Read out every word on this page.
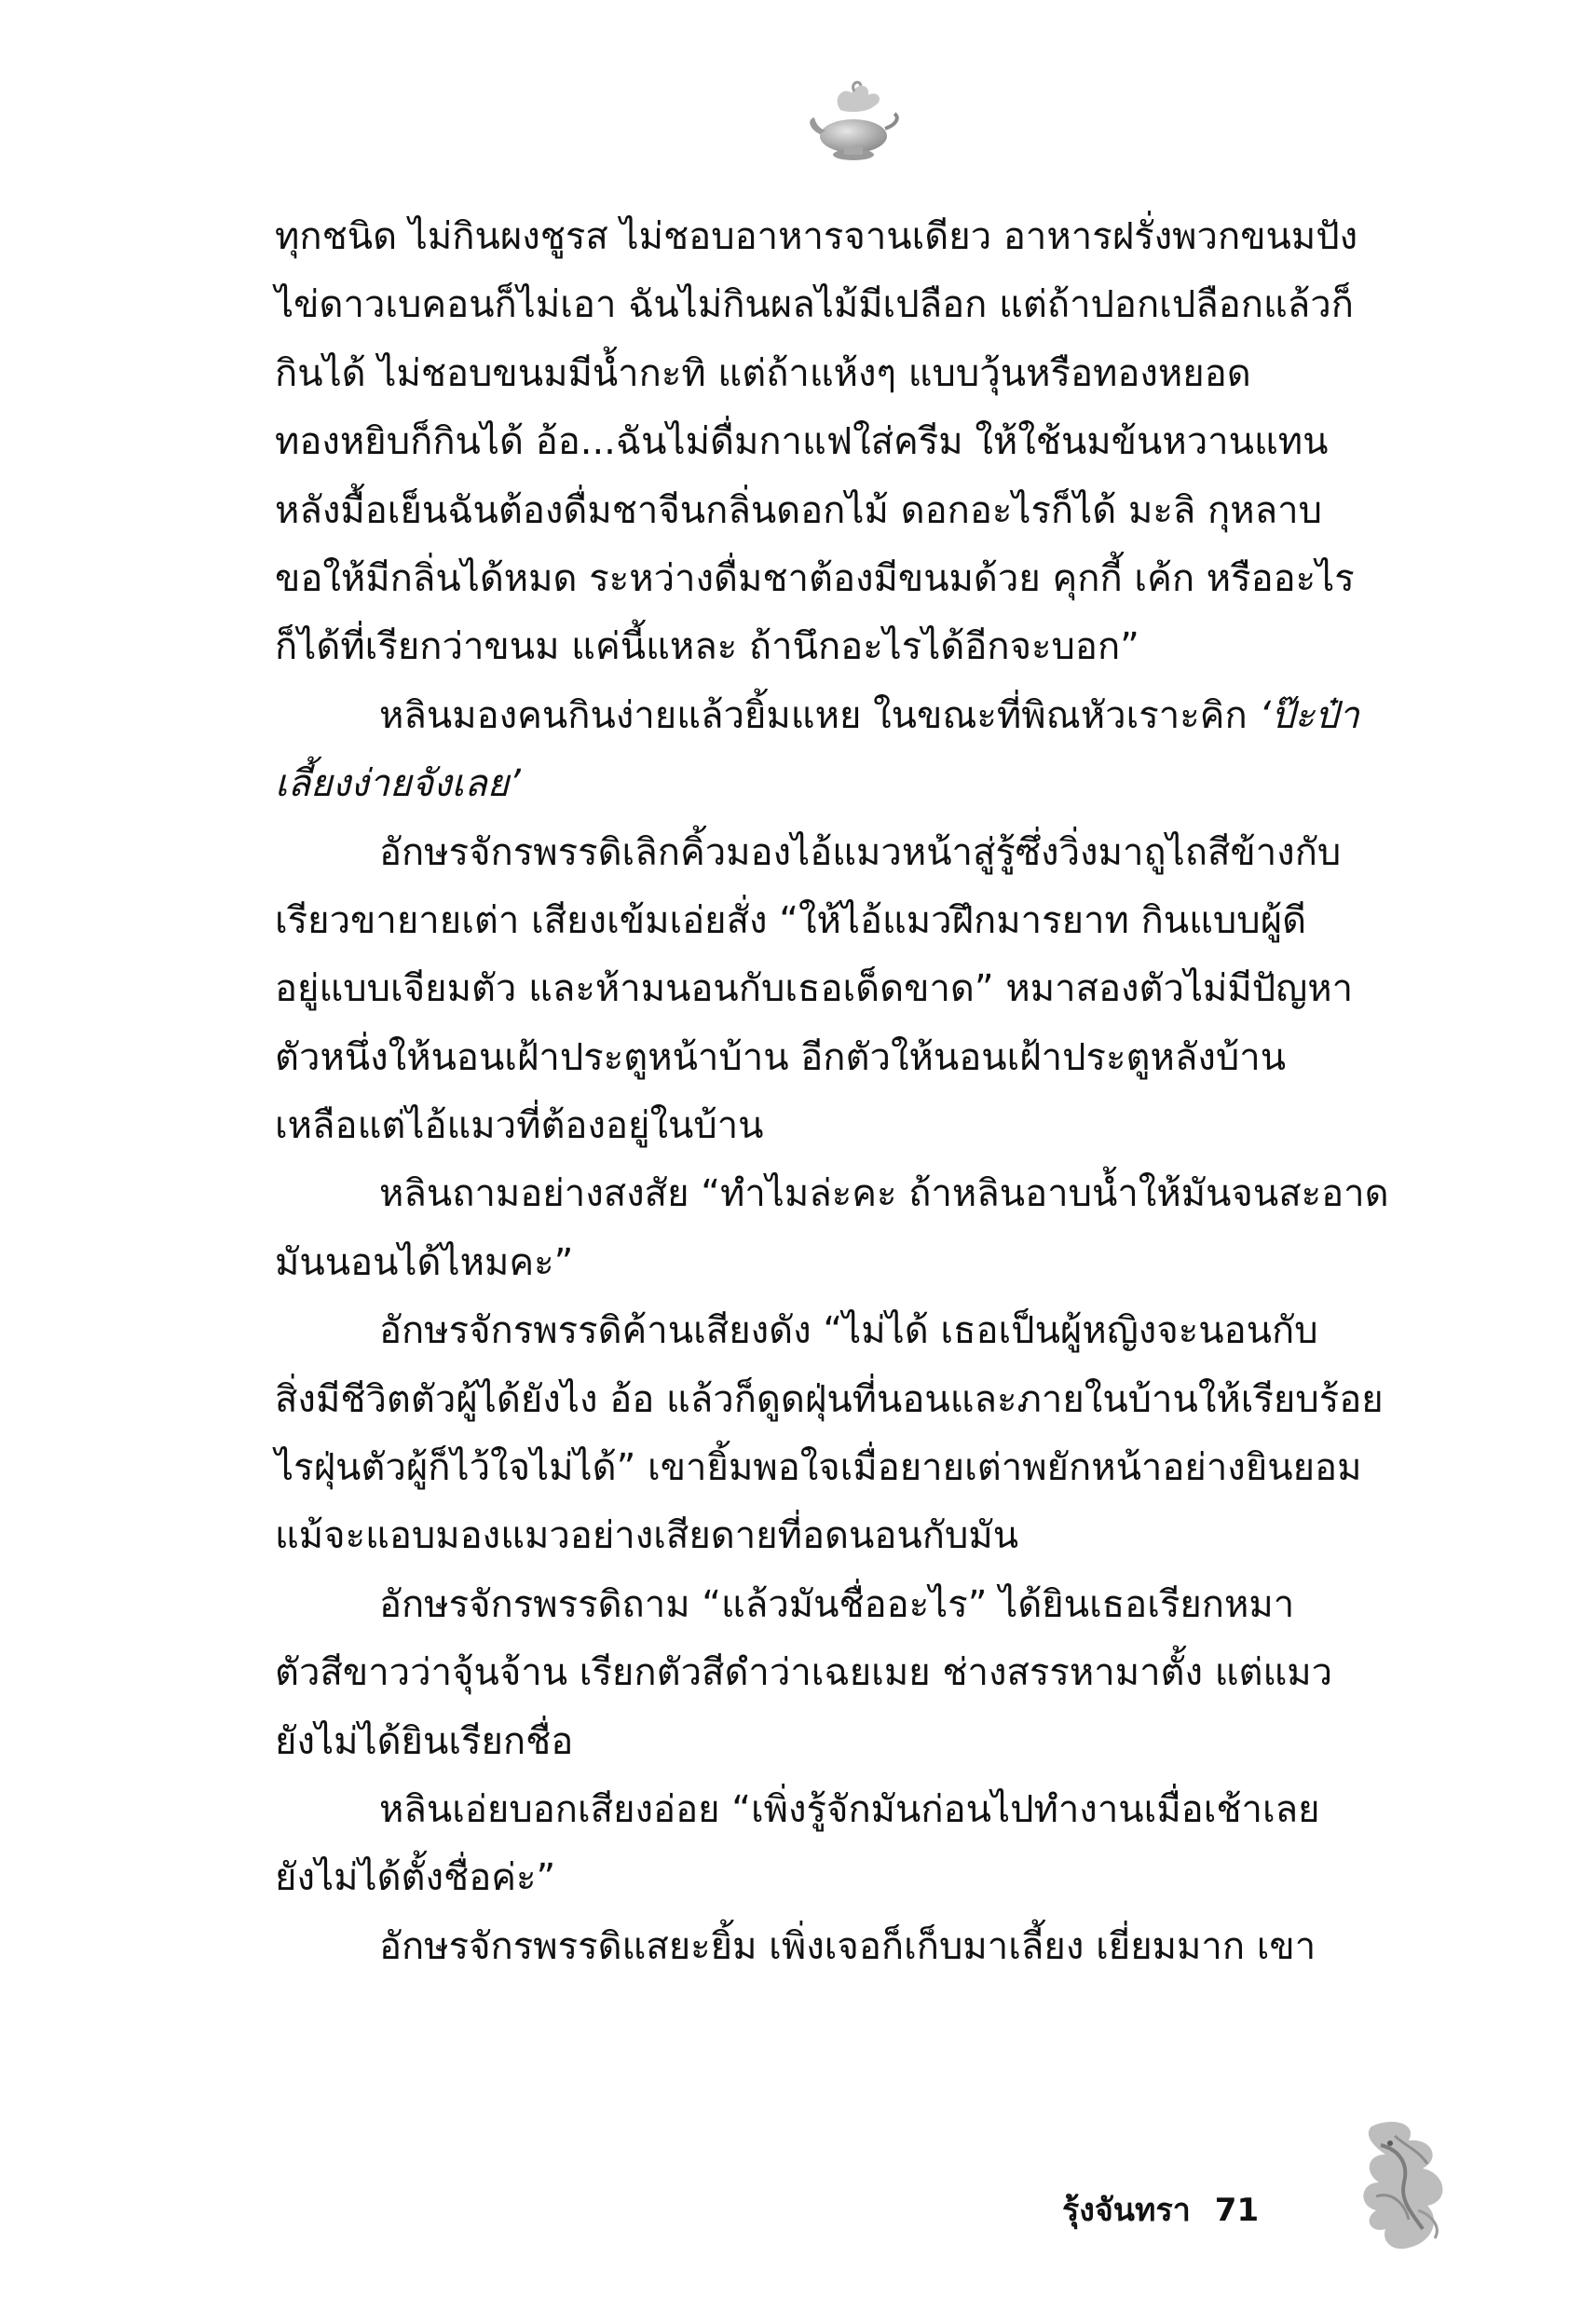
ทุกชนิด ไม่กินผงชูรส ไม่ชอบอาหารจานเดียว อาหารฝรั่งพวกขนมปัง
ไข่ดาวเบคอนก็ไม่เอา ฉันไม่กินผลไม้มีเปลือก แต่ถ้าปอกเปลือกแล้วก็
กินได้ ไม่ชอบขนมมีน้ำกะทิ แต่ถ้าแห้งๆ แบบวุ้นหรือทองหยอด
ทองหยิบก็กินได้ อ้อ...ฉันไม่ดื่มกาแฟใส่ครีม ให้ใช้นมข้นหวานแทน
หลังมื้อเย็นฉันต้องดื่มชาจีนกลิ่นดอกไม้ ดอกอะไรก็ได้ มะลิ กุหลาบ
ขอให้มีกลิ่นได้หมด ระหว่างดื่มชาต้องมีขนมด้วย คุกกี้ เค้ก หรืออะไร
ก็ได้ที่เรียกว่าขนม แค่นี้แหละ ถ้านึกอะไรได้อีกจะบอก”
หลินมองคนกินง่ายแล้วยิ้มแหย ในขณะที่พิณหัวเราะคิก ‘ป๊ะป๋า
เลี้ยงง่ายจังเลย’
อักษรจักรพรรดิเลิกคิ้วมองไอ้แมวหน้าสู่รู้ซึ่งวิ่งมาถูไถสีข้างกับ
เรียวขายายเต่า เสียงเข้มเอ่ยสั่ง “ให้ไอ้แมวฝึกมารยาท กินแบบผู้ดี
อยู่แบบเจียมตัว และห้ามนอนกับเธอเด็ดขาด” หมาสองตัวไม่มีปัญหา
ตัวหนึ่งให้นอนเฝ้าประตูหน้าบ้าน อีกตัวให้นอนเฝ้าประตูหลังบ้าน
เหลือแต่ไอ้แมวที่ต้องอยู่ในบ้าน
หลินถามอย่างสงสัย “ทำไมล่ะคะ ถ้าหลินอาบน้ำให้มันจนสะอาด
มันนอนได้ไหมคะ”
อักษรจักรพรรดิค้านเสียงดัง “ไม่ได้ เธอเป็นผู้หญิงจะนอนกับ
สิ่งมีชีวิตตัวผู้ได้ยังไง อ้อ แล้วก็ดูดฝุ่นที่นอนและภายในบ้านให้เรียบร้อย
ไรฝุ่นตัวผู้ก็ไว้ใจไม่ได้” เขายิ้มพอใจเมื่อยายเต่าพยักหน้าอย่างยินยอม
แม้จะแอบมองแมวอย่างเสียดายที่อดนอนกับมัน
อักษรจักรพรรดิถาม “แล้วมันชื่ออะไร” ได้ยินเธอเรียกหมา
ตัวสีขาวว่าจุ้นจ้าน เรียกตัวสีดำว่าเฉยเมย ช่างสรรหามาตั้ง แต่แมว
ยังไม่ได้ยินเรียกชื่อ
หลินเอ่ยบอกเสียงอ่อย “เพิ่งรู้จักมันก่อนไปทำงานเมื่อเช้าเลย
ยังไม่ได้ตั้งชื่อค่ะ”
อักษรจักรพรรดิแสยะยิ้ม เพิ่งเจอก็เก็บมาเลี้ยง เยี่ยมมาก เขา
รุ้งจันทรา 71
